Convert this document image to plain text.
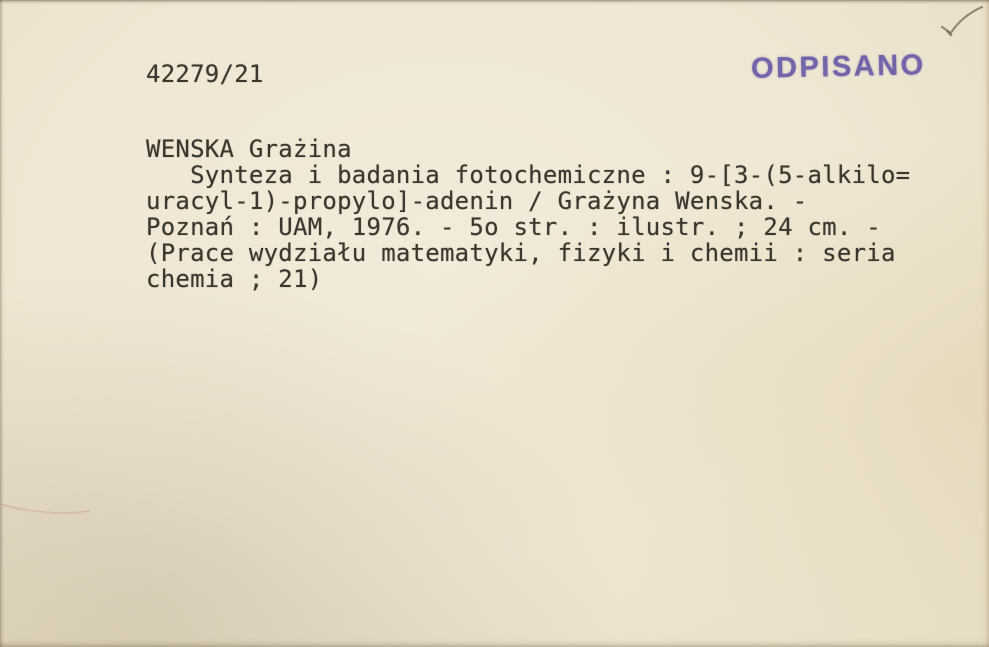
42279/21	ODPISANO
WENSKA Grażina
Synteza i badania fotochemiczne : 9-[3-(5-alkilo=
uracyl-1)-propylo]-adenin / Grażyna Wenska. -
Poznań : UAM, 1976. - 5o str. : ilustr. ; 24 cm. -
(Prace wydziału matematyki, fizyki i chemii : seria
chemia ; 21)
